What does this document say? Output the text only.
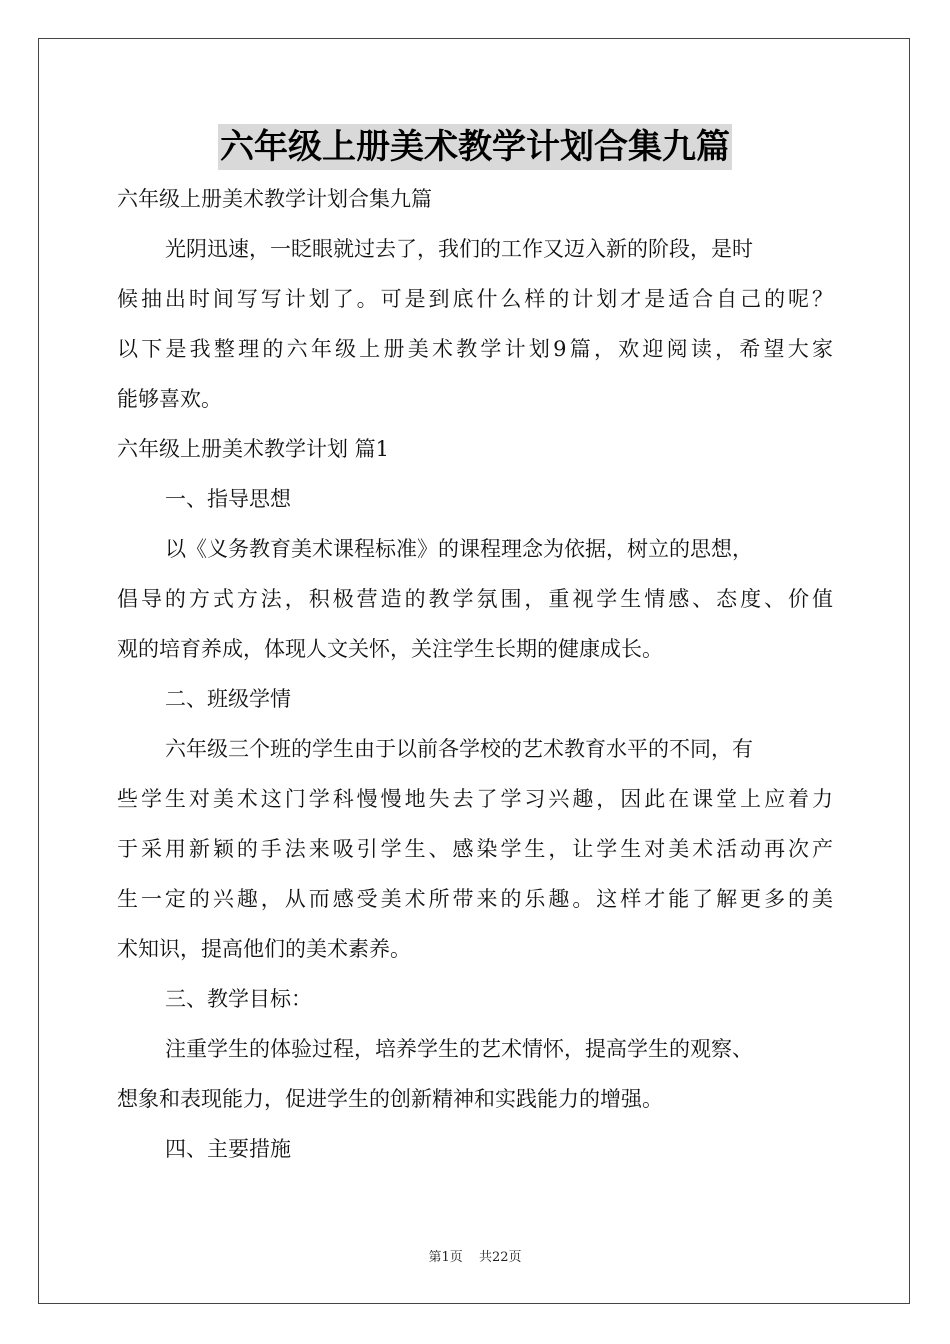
六年级上册美术教学计划合集九篇
六年级上册美术教学计划合集九篇
光阴迅速，一眨眼就过去了，我们的工作又迈入新的阶段，是时
候抽出时间写写计划了。可是到底什么样的计划才是适合自己的呢？
以下是我整理的六年级上册美术教学计划9篇，欢迎阅读，希望大家
能够喜欢。
六年级上册美术教学计划 篇1
一、指导思想
以《义务教育美术课程标准》的课程理念为依据，树立的思想，
倡导的方式方法，积极营造的教学氛围，重视学生情感、态度、价值
观的培育养成，体现人文关怀，关注学生长期的健康成长。
二、班级学情
六年级三个班的学生由于以前各学校的艺术教育水平的不同，有
些学生对美术这门学科慢慢地失去了学习兴趣，因此在课堂上应着力
于采用新颖的手法来吸引学生、感染学生，让学生对美术活动再次产
生一定的兴趣，从而感受美术所带来的乐趣。这样才能了解更多的美
术知识，提高他们的美术素养。
三、教学目标：
注重学生的体验过程，培养学生的艺术情怀，提高学生的观察、
想象和表现能力，促进学生的创新精神和实践能力的增强。
四、主要措施
第1页 共22页
